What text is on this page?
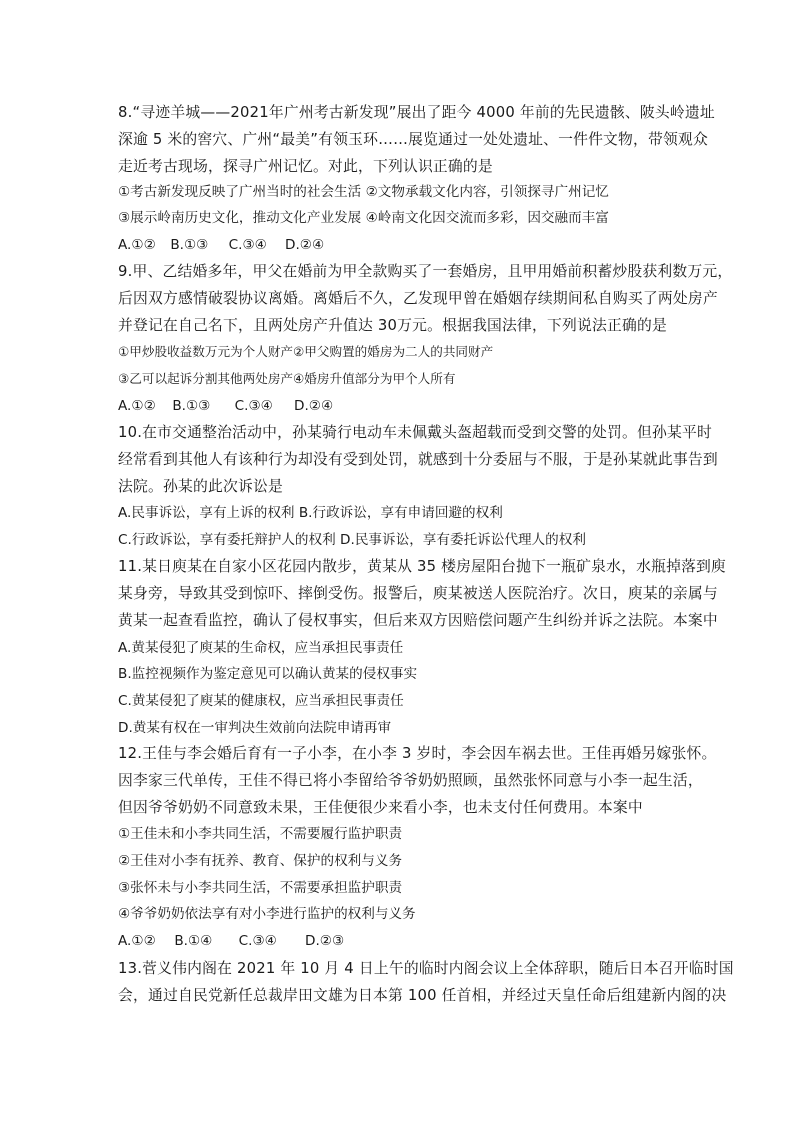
8.“寻迹羊城——2021年广州考古新发现”展出了距今 4000 年前的先民遗骸、陂头岭遗址
深逾 5 米的窖穴、广州“最美”有领玉环……展览通过一处处遗址、一件件文物，带领观众
走近考古现场，探寻广州记忆。对此，下列认识正确的是
①考古新发现反映了广州当时的社会生活 ②文物承载文化内容，引领探寻广州记忆
③展示岭南历史文化，推动文化产业发展 ④岭南文化因交流而多彩，因交融而丰富
A.①② B.①③ C.③④ D.②④
9.甲、乙结婚多年，甲父在婚前为甲全款购买了一套婚房，且甲用婚前积蓄炒股获利数万元，
后因双方感情破裂协议离婚。离婚后不久，乙发现甲曾在婚姻存续期间私自购买了两处房产
并登记在自己名下，且两处房产升值达 30万元。根据我国法律，下列说法正确的是
①甲炒股收益数万元为个人财产②甲父购置的婚房为二人的共同财产
③乙可以起诉分割其他两处房产④婚房升值部分为甲个人所有
A.①② B.①③ C.③④ D.②④
10.在市交通整治活动中，孙某骑行电动车未佩戴头盔超载而受到交警的处罚。但孙某平时
经常看到其他人有该种行为却没有受到处罚，就感到十分委屈与不服，于是孙某就此事告到
法院。孙某的此次诉讼是
A.民事诉讼，享有上诉的权利 B.行政诉讼，享有申请回避的权利
C.行政诉讼，享有委托辩护人的权利 D.民事诉讼，享有委托诉讼代理人的权利
11.某日庾某在自家小区花园内散步，黄某从 35 楼房屋阳台抛下一瓶矿泉水，水瓶掉落到庾
某身旁，导致其受到惊吓、摔倒受伤。报警后，庾某被送人医院治疗。次日，庾某的亲属与
黄某一起查看监控，确认了侵权事实，但后来双方因赔偿问题产生纠纷并诉之法院。本案中
A.黄某侵犯了庾某的生命权，应当承担民事责任
B.监控视频作为鉴定意见可以确认黄某的侵权事实
C.黄某侵犯了庾某的健康权，应当承担民事责任
D.黄某有权在一审判决生效前向法院申请再审
12.王佳与李会婚后育有一子小李，在小李 3 岁时，李会因车祸去世。王佳再婚另嫁张怀。
因李家三代单传，王佳不得已将小李留给爷爷奶奶照顾，虽然张怀同意与小李一起生活，
但因爷爷奶奶不同意致未果，王佳便很少来看小李，也未支付任何费用。本案中
①王佳未和小李共同生活，不需要履行监护职责
②王佳对小李有抚养、教育、保护的权利与义务
③张怀未与小李共同生活，不需要承担监护职责
④爷爷奶奶依法享有对小李进行监护的权利与义务
A.①② B.①④ C.③④ D.②③
13.菅义伟内阁在 2021 年 10 月 4 日上午的临时内阁会议上全体辞职，随后日本召开临时国
会，通过自民党新任总裁岸田文雄为日本第 100 任首相，并经过天皇任命后组建新内阁的决
